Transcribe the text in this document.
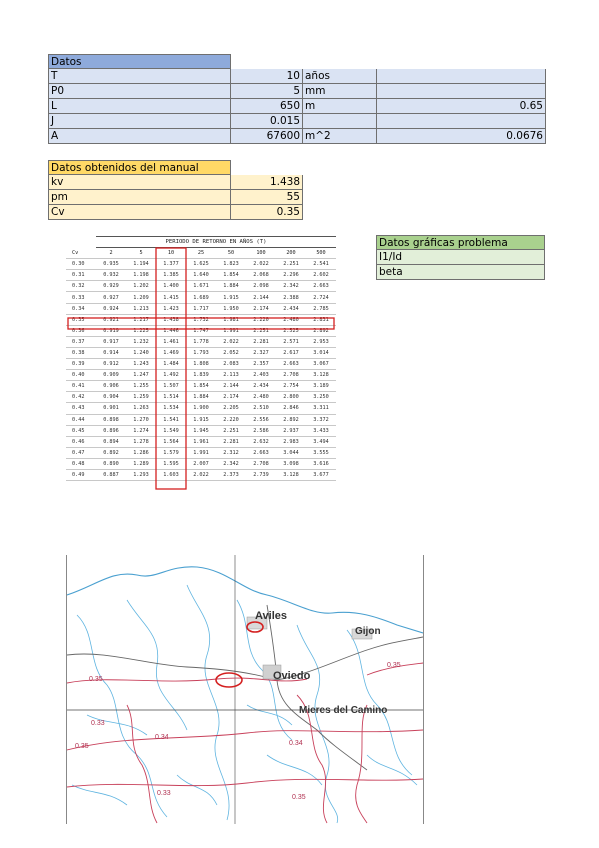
Datos
T	10 años
P0	5 mm
L	650 m	0.65
J	0.015
A	67600 m^2	0.0676
Datos obtenidos del manual
kv	1.438
pm	55
Cv	0.35
Datos gráficas problema
I1/Id
beta
	PERIODO DE RETORNO EN AÑOS (T)							
Cv	2	5	10	25	50	100	200	500
0.30	0.935	1.194	1.377	1.625	1.823	2.022	2.251	2.541
0.31	0.932	1.198	1.385	1.640	1.854	2.068	2.296	2.602
0.32	0.929	1.202	1.400	1.671	1.884	2.098	2.342	2.663
0.33	0.927	1.209	1.415	1.689	1.915	2.144	2.388	2.724
0.34	0.924	1.213	1.423	1.717	1.950	2.174	2.434	2.785
0.35	0.921	1.217	1.438	1.732	1.981	2.220	2.480	2.831
0.36	0.919	1.225	1.446	1.747	1.991	2.251	2.525	2.892
0.37	0.917	1.232	1.461	1.778	2.022	2.281	2.571	2.953
0.38	0.914	1.240	1.469	1.793	2.052	2.327	2.617	3.014
0.39	0.912	1.243	1.484	1.808	2.083	2.357	2.663	3.067
0.40	0.909	1.247	1.492	1.839	2.113	2.403	2.708	3.128
0.41	0.906	1.255	1.507	1.854	2.144	2.434	2.754	3.189
0.42	0.904	1.259	1.514	1.884	2.174	2.480	2.800	3.250
0.43	0.901	1.263	1.534	1.900	2.205	2.510	2.846	3.311
0.44	0.898	1.270	1.541	1.915	2.220	2.556	2.892	3.372
0.45	0.896	1.274	1.549	1.945	2.251	2.586	2.937	3.433
0.46	0.894	1.278	1.564	1.961	2.281	2.632	2.983	3.494
0.47	0.892	1.286	1.579	1.991	2.312	2.663	3.044	3.555
0.48	0.890	1.289	1.595	2.007	2.342	2.708	3.098	3.616
0.49	0.887	1.293	1.603	2.022	2.373	2.739	3.128	3.677
Aviles
Gijon
Oviedo
Mieres del Camino
0.35
0.35
0.33
0.34
0.34
0.35
0.33
0.35
